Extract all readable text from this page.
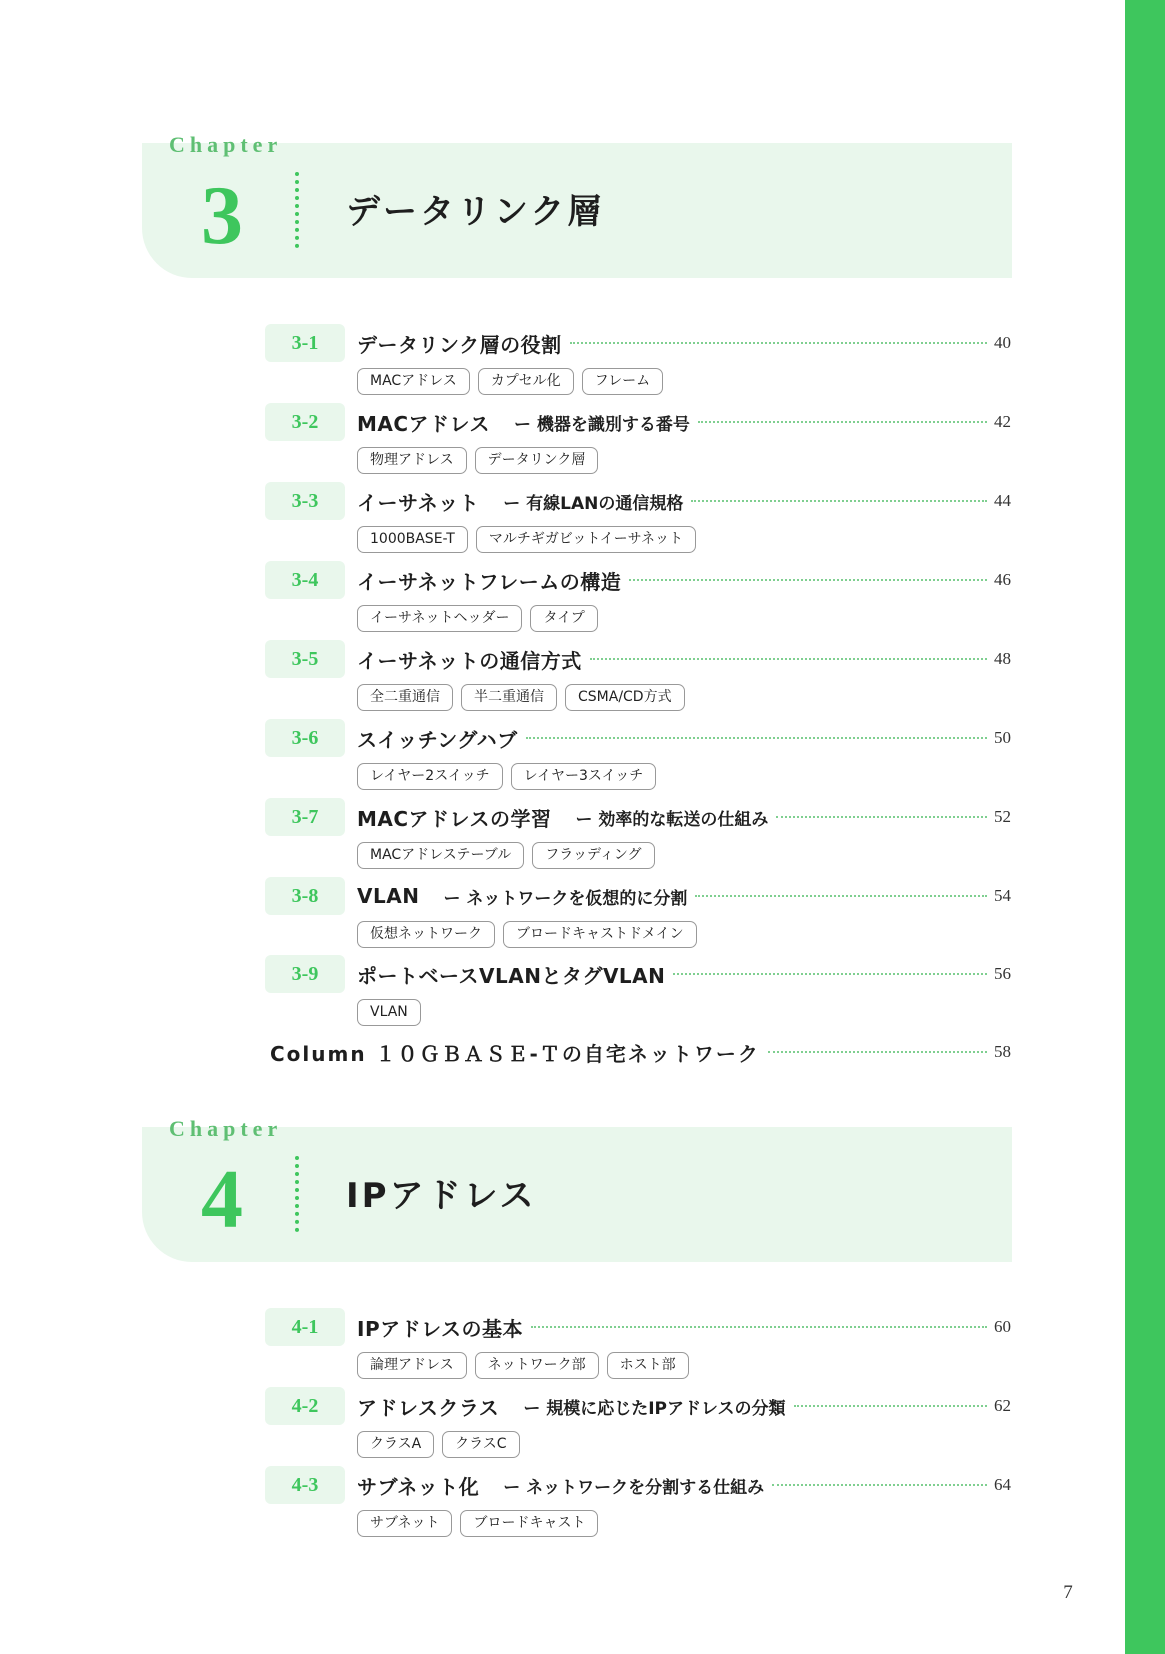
Chapter
3	データリンク層
3-1	データリンク層の役割	40
MACアドレス	カプセル化	フレーム
3-2	MACアドレス ー 機器を識別する番号	42
物理アドレス	データリンク層
3-3	イーサネット ー 有線LANの通信規格	44
1000BASE-T	マルチギガビットイーサネット
3-4	イーサネットフレームの構造	46
イーサネットヘッダー	タイプ
3-5	イーサネットの通信方式	48
全二重通信	半二重通信	CSMA/CD方式
3-6	スイッチングハブ	50
レイヤー2スイッチ	レイヤー3スイッチ
3-7	MACアドレスの学習 ー 効率的な転送の仕組み	52
MACアドレステーブル	フラッディング
3-8	VLAN ー ネットワークを仮想的に分割	54
仮想ネットワーク	ブロードキャストドメイン
3-9	ポートベースVLANとタグVLAN	56
VLAN
Column １０ＧＢＡＳＥ-Ｔの自宅ネットワーク	58
Chapter
4	IPアドレス
4-1	IPアドレスの基本	60
論理アドレス	ネットワーク部	ホスト部
4-2	アドレスクラス ー 規模に応じたIPアドレスの分類	62
クラスA	クラスC
4-3	サブネット化 ー ネットワークを分割する仕組み	64
サブネット	ブロードキャスト
7
